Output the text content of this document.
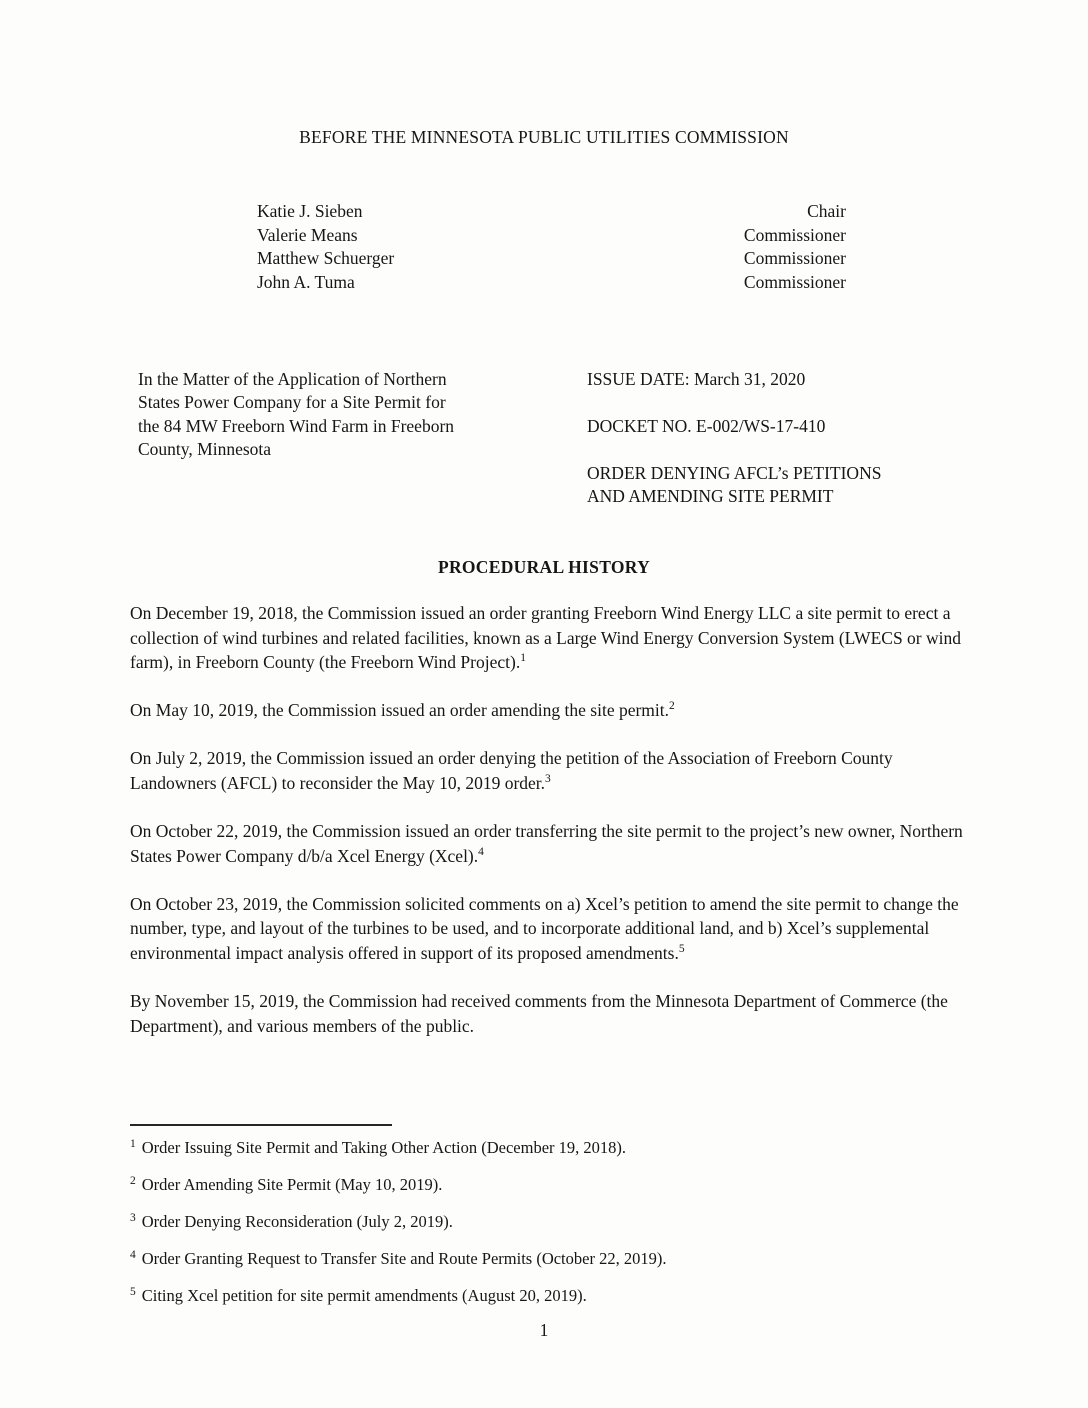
BEFORE THE MINNESOTA PUBLIC UTILITIES COMMISSION
Katie J. Sieben	Chair
Valerie Means	Commissioner
Matthew Schuerger	Commissioner
John A. Tuma	Commissioner
In the Matter of the Application of Northern
States Power Company for a Site Permit for
the 84 MW Freeborn Wind Farm in Freeborn
County, Minnesota
ISSUE DATE: March 31, 2020
DOCKET NO. E-002/WS-17-410
ORDER DENYING AFCL’s PETITIONS
AND AMENDING SITE PERMIT
PROCEDURAL HISTORY

On December 19, 2018, the Commission issued an order granting Freeborn Wind Energy LLC a site permit to erect a collection of wind turbines and related facilities, known as a Large Wind Energy Conversion System (LWECS or wind farm), in Freeborn County (the Freeborn Wind Project).$^1$

On May 10, 2019, the Commission issued an order amending the site permit.$^2$

On July 2, 2019, the Commission issued an order denying the petition of the Association of Freeborn County Landowners (AFCL) to reconsider the May 10, 2019 order.$^3$

On October 22, 2019, the Commission issued an order transferring the site permit to the project’s new owner, Northern States Power Company d/b/a Xcel Energy (Xcel).$^4$

On October 23, 2019, the Commission solicited comments on a) Xcel’s petition to amend the site permit to change the number, type, and layout of the turbines to be used, and to incorporate additional land, and b) Xcel’s supplemental environmental impact analysis offered in support of its proposed amendments.$^5$

By November 15, 2019, the Commission had received comments from the Minnesota Department of Commerce (the Department), and various members of the public.

$^1$ Order Issuing Site Permit and Taking Other Action (December 19, 2018).
$^2$ Order Amending Site Permit (May 10, 2019).
$^3$ Order Denying Reconsideration (July 2, 2019).
$^4$ Order Granting Request to Transfer Site and Route Permits (October 22, 2019).
$^5$ Citing Xcel petition for site permit amendments (August 20, 2019).
1
